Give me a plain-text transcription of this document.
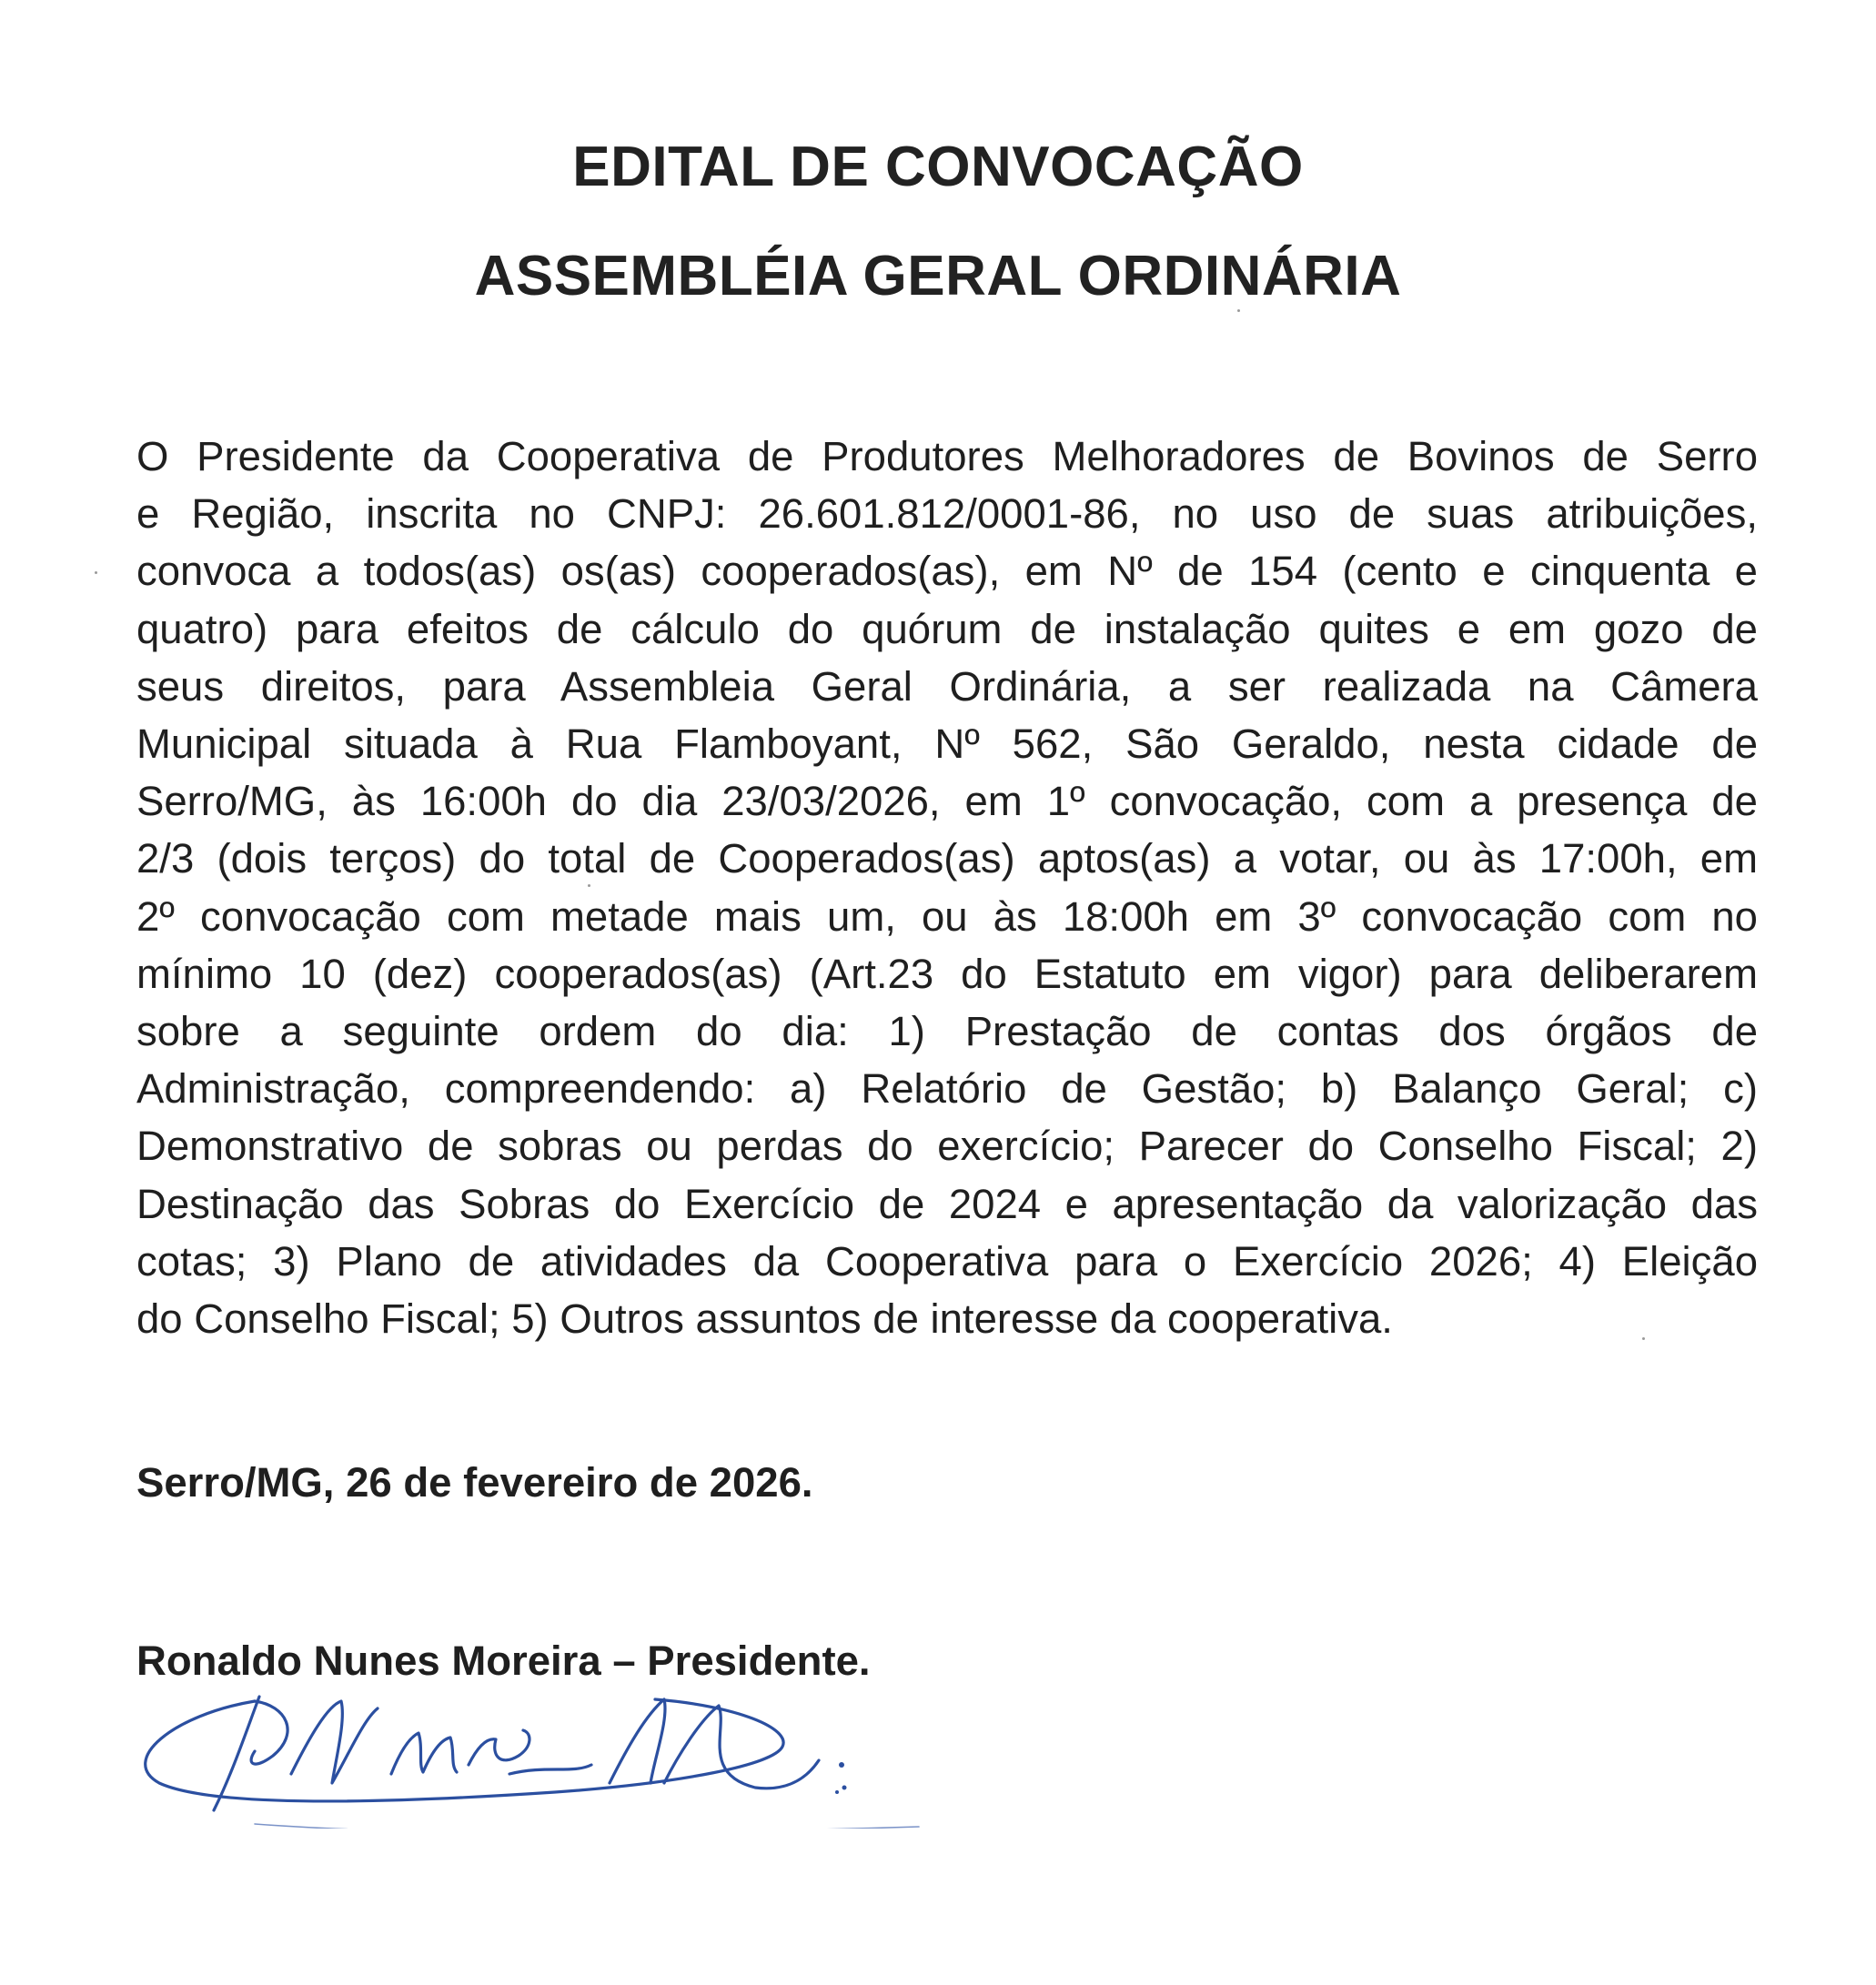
EDITAL DE CONVOCAÇÃO
ASSEMBLÉIA GERAL ORDINÁRIA

O Presidente da Cooperativa de Produtores Melhoradores de Bovinos de Serro
e Região, inscrita no CNPJ: 26.601.812/0001-86, no uso de suas atribuições,
convoca a todos(as) os(as) cooperados(as), em Nº de 154 (cento e cinquenta e
quatro) para efeitos de cálculo do quórum de instalação quites e em gozo de
seus direitos, para Assembleia Geral Ordinária, a ser realizada na Câmera
Municipal situada à Rua Flamboyant, Nº 562, São Geraldo, nesta cidade de
Serro/MG, às 16:00h do dia 23/03/2026, em 1º convocação, com a presença de
2/3 (dois terços) do total de Cooperados(as) aptos(as) a votar, ou às 17:00h, em
2º convocação com metade mais um, ou às 18:00h em 3º convocação com no
mínimo 10 (dez) cooperados(as) (Art.23 do Estatuto em vigor) para deliberarem
sobre a seguinte ordem do dia: 1) Prestação de contas dos órgãos de
Administração, compreendendo: a) Relatório de Gestão; b) Balanço Geral; c)
Demonstrativo de sobras ou perdas do exercício; Parecer do Conselho Fiscal; 2)
Destinação das Sobras do Exercício de 2024 e apresentação da valorização das
cotas; 3) Plano de atividades da Cooperativa para o Exercício 2026; 4) Eleição
do Conselho Fiscal; 5) Outros assuntos de interesse da cooperativa.

Serro/MG, 26 de fevereiro de 2026.

Ronaldo Nunes Moreira – Presidente.
